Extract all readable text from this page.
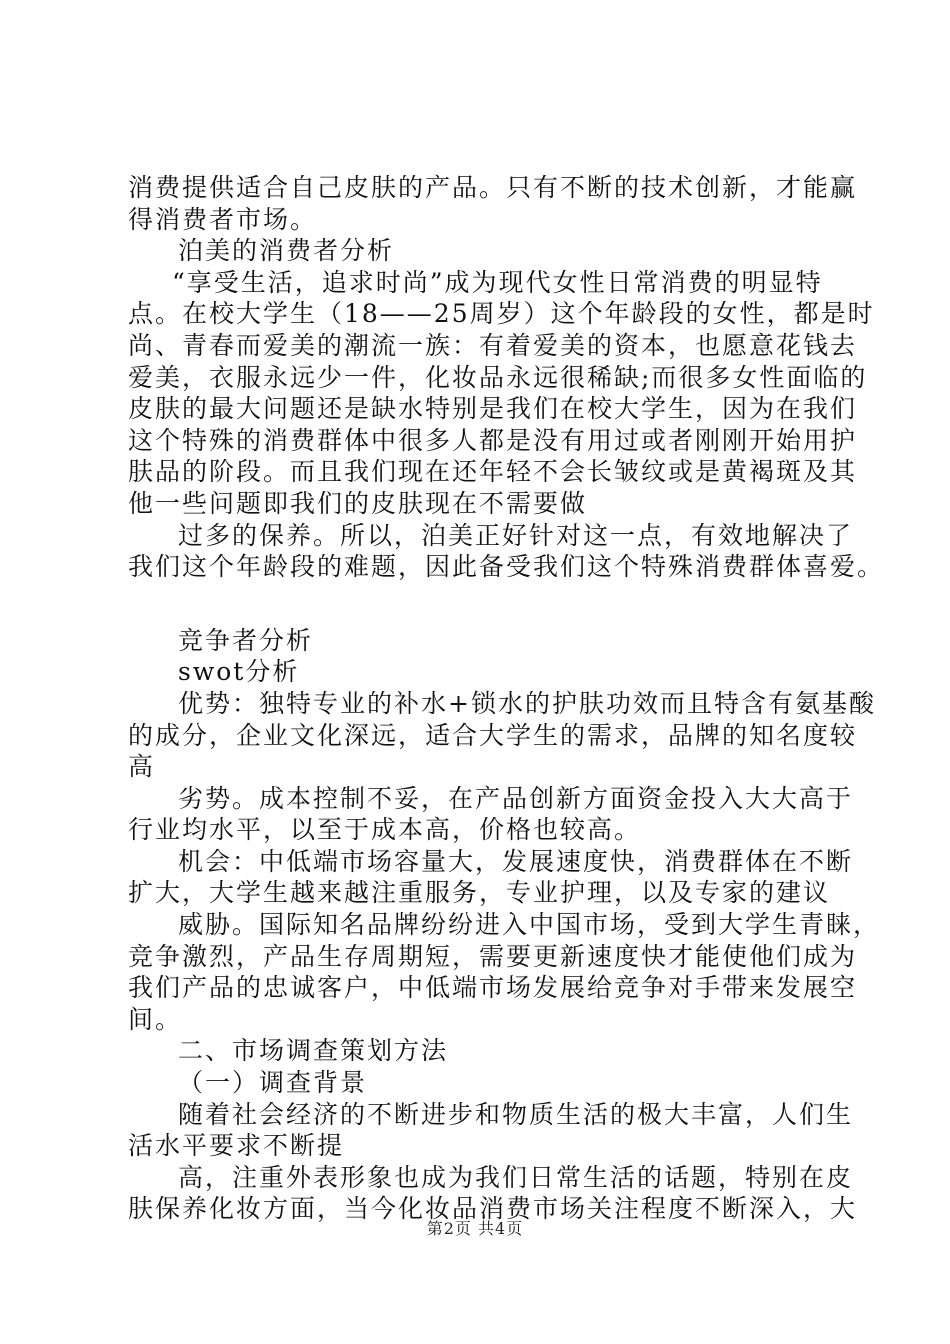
消费提供适合自己皮肤的产品。只有不断的技术创新，才能赢
得消费者市场。
泊美的消费者分析
“享受生活，追求时尚”成为现代女性日常消费的明显特
点。在校大学生（18——25周岁）这个年龄段的女性，都是时
尚、青春而爱美的潮流一族：有着爱美的资本，也愿意花钱去
爱美，衣服永远少一件，化妆品永远很稀缺;而很多女性面临的
皮肤的最大问题还是缺水特别是我们在校大学生，因为在我们
这个特殊的消费群体中很多人都是没有用过或者刚刚开始用护
肤品的阶段。而且我们现在还年轻不会长皱纹或是黄褐斑及其
他一些问题即我们的皮肤现在不需要做
过多的保养。所以，泊美正好针对这一点，有效地解决了
我们这个年龄段的难题，因此备受我们这个特殊消费群体喜爱。
竞争者分析
swot分析
优势：独特专业的补水+锁水的护肤功效而且特含有氨基酸
的成分，企业文化深远，适合大学生的需求，品牌的知名度较
高
劣势。成本控制不妥，在产品创新方面资金投入大大高于
行业均水平，以至于成本高，价格也较高。
机会：中低端市场容量大，发展速度快，消费群体在不断
扩大，大学生越来越注重服务，专业护理，以及专家的建议
威胁。国际知名品牌纷纷进入中国市场，受到大学生青睐，
竞争激烈，产品生存周期短，需要更新速度快才能使他们成为
我们产品的忠诚客户，中低端市场发展给竞争对手带来发展空
间。
二、市场调查策划方法
（一）调查背景
随着社会经济的不断进步和物质生活的极大丰富，人们生
活水平要求不断提
高，注重外表形象也成为我们日常生活的话题，特别在皮
肤保养化妆方面，当今化妆品消费市场关注程度不断深入，大
第2页 共4页
